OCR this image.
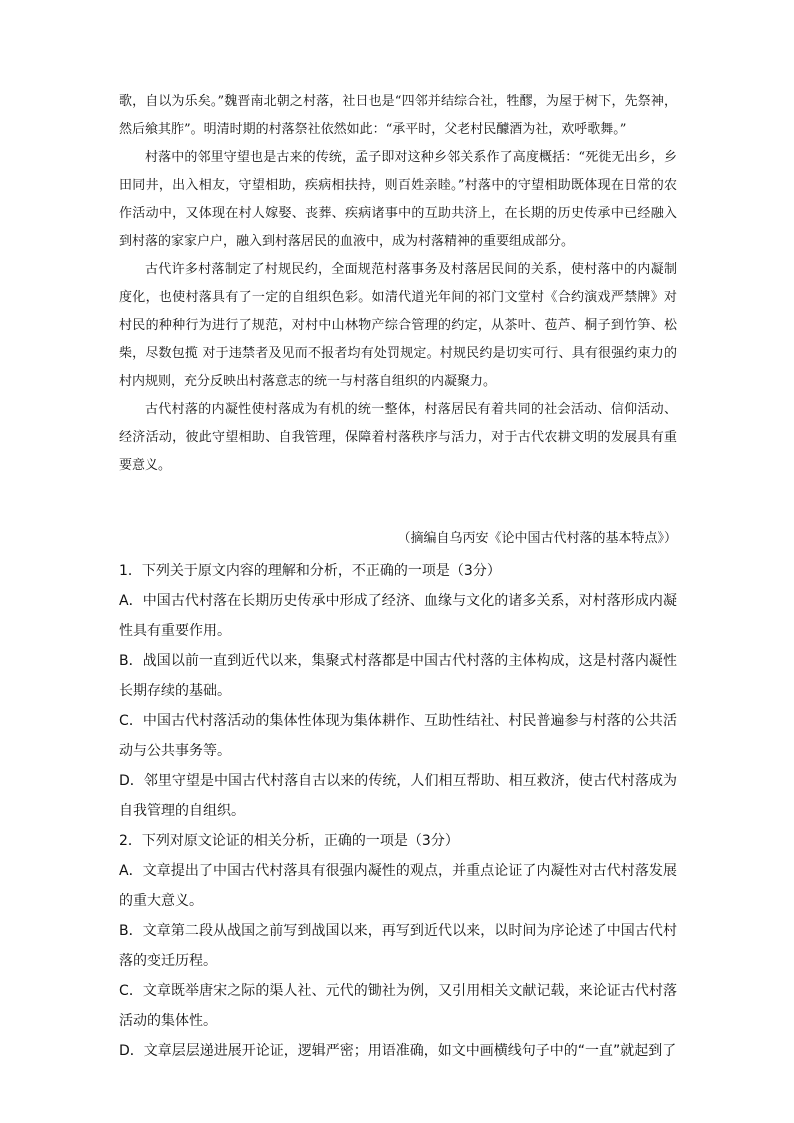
歌，自以为乐矣。”魏晋南北朝之村落，社日也是“四邻并结综合社，牲醪，为屋于树下，先祭神，然后飨其胙”。明清时期的村落祭社依然如此：“承平时，父老村民醵酒为社，欢呼歌舞。”

村落中的邻里守望也是古来的传统，孟子即对这种乡邻关系作了高度概括：“死徙无出乡，乡田同井，出入相友，守望相助，疾病相扶持，则百姓亲睦。”村落中的守望相助既体现在日常的农作活动中，又体现在村人嫁娶、丧葬、疾病诸事中的互助共济上，在长期的历史传承中已经融入到村落的家家户户，融入到村落居民的血液中，成为村落精神的重要组成部分。

古代许多村落制定了村规民约，全面规范村落事务及村落居民间的关系，使村落中的内凝制度化，也使村落具有了一定的自组织色彩。如清代道光年间的祁门文堂村《合约演戏严禁牌》对村民的种种行为进行了规范，对村中山林物产综合管理的约定，从茶叶、苞芦、桐子到竹笋、松柴，尽数包揽 对于违禁者及见而不报者均有处罚规定。村规民约是切实可行、具有很强约束力的村内规则，充分反映出村落意志的统一与村落自组织的内凝聚力。

古代村落的内凝性使村落成为有机的统一整体，村落居民有着共同的社会活动、信仰活动、经济活动，彼此守望相助、自我管理，保障着村落秩序与活力，对于古代农耕文明的发展具有重要意义。

（摘编自乌丙安《论中国古代村落的基本特点》）

1．下列关于原文内容的理解和分析，不正确的一项是（3分）

A．中国古代村落在长期历史传承中形成了经济、血缘与文化的诸多关系，对村落形成内凝性具有重要作用。

B．战国以前一直到近代以来，集聚式村落都是中国古代村落的主体构成，这是村落内凝性长期存续的基础。

C．中国古代村落活动的集体性体现为集体耕作、互助性结社、村民普遍参与村落的公共活动与公共事务等。

D．邻里守望是中国古代村落自古以来的传统，人们相互帮助、相互救济，使古代村落成为自我管理的自组织。

2．下列对原文论证的相关分析，正确的一项是（3分）

A．文章提出了中国古代村落具有很强内凝性的观点，并重点论证了内凝性对古代村落发展的重大意义。

B．文章第二段从战国之前写到战国以来，再写到近代以来，以时间为序论述了中国古代村落的变迁历程。

C．文章既举唐宋之际的渠人社、元代的锄社为例，又引用相关文献记载，来论证古代村落活动的集体性。

D．文章层层递进展开论证，逻辑严密；用语准确，如文中画横线句子中的“一直”就起到了
